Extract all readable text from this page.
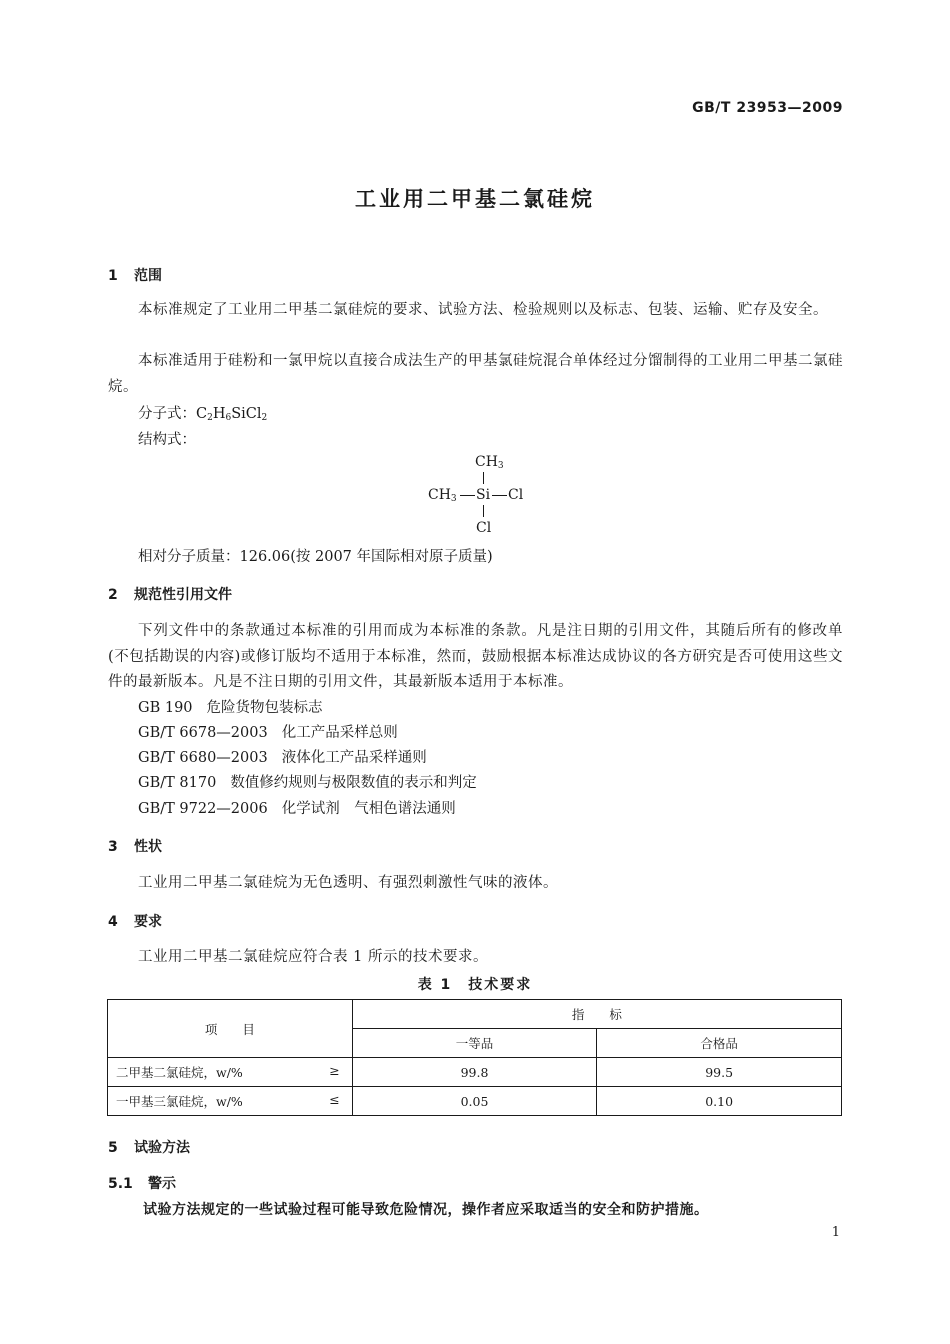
GB/T 23953—2009
工业用二甲基二氯硅烷
1 范围
本标准规定了工业用二甲基二氯硅烷的要求、试验方法、检验规则以及标志、包装、运输、贮存及安全。
本标准适用于硅粉和一氯甲烷以直接合成法生产的甲基氯硅烷混合单体经过分馏制得的工业用二甲基二氯硅烷。
分子式：$C_2H_6SiCl_2$
结构式：
$CH_3$
$CH_3$ Si Cl
Cl
相对分子质量：126.06(按 2007 年国际相对原子质量)
2 规范性引用文件
下列文件中的条款通过本标准的引用而成为本标准的条款。凡是注日期的引用文件，其随后所有的修改单(不包括勘误的内容)或修订版均不适用于本标准，然而，鼓励根据本标准达成协议的各方研究是否可使用这些文件的最新版本。凡是不注日期的引用文件，其最新版本适用于本标准。
GB 190 危险货物包装标志
GB/T 6678—2003 化工产品采样总则
GB/T 6680—2003 液体化工产品采样通则
GB/T 8170 数值修约规则与极限数值的表示和判定
GB/T 9722—2006 化学试剂　气相色谱法通则
3 性状
工业用二甲基二氯硅烷为无色透明、有强烈刺激性气味的液体。
4 要求
工业用二甲基二氯硅烷应符合表 1 所示的技术要求。
表 1　技术要求
项　　目	指　　标	
	一等品	合格品
二甲基二氯硅烷，w/% ≥	99.8	99.5
一甲基三氯硅烷，w/% ≤	0.05	0.10
5 试验方法
5.1 警示
试验方法规定的一些试验过程可能导致危险情况，操作者应采取适当的安全和防护措施。
1
